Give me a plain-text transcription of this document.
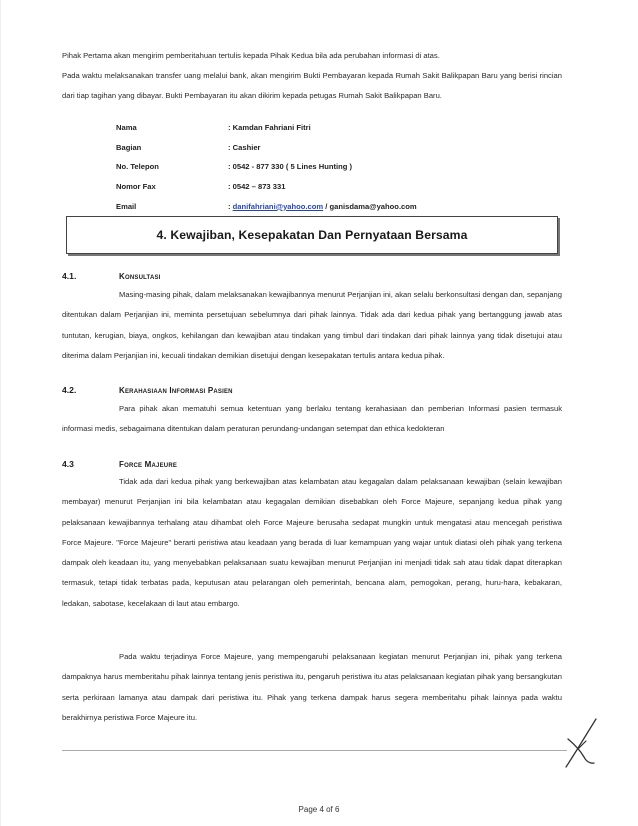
Pihak Pertama akan mengirim pemberitahuan tertulis kepada Pihak Kedua bila ada perubahan informasi di atas.

Pada waktu melaksanakan transfer uang melalui bank, akan mengirim Bukti Pembayaran kepada Rumah Sakit Balikpapan Baru yang berisi rincian dari tiap tagihan yang dibayar. Bukti Pembayaran itu akan dikirim kepada petugas Rumah Sakit Balikpapan Baru.

Nama	: Kamdan Fahriani Fitri
Bagian	: Cashier
No. Telepon	: 0542 - 877 330 ( 5 Lines Hunting )
Nomor Fax	: 0542 – 873 331
Email	: danifahriani@yahoo.com / ganisdama@yahoo.com
4. Kewajiban, Kesepakatan Dan Pernyataan Bersama
4.1.	Konsultasi

Masing-masing pihak, dalam melaksanakan kewajibannya menurut Perjanjian ini, akan selalu berkonsultasi dengan dan, sepanjang ditentukan dalam Perjanjian ini, meminta persetujuan sebelumnya dari pihak lainnya. Tidak ada dari kedua pihak yang bertanggung jawab atas tuntutan, kerugian, biaya, ongkos, kehilangan dan kewajiban atau tindakan yang timbul dari tindakan dari pihak lainnya yang tidak disetujui atau diterima dalam Perjanjian ini, kecuali tindakan demikian disetujui dengan kesepakatan tertulis antara kedua pihak.

4.2.	Kerahasiaan Informasi Pasien

Para pihak akan mematuhi semua ketentuan yang berlaku tentang kerahasiaan dan pemberian Informasi pasien termasuk informasi medis, sebagaimana ditentukan dalam peraturan perundang-undangan setempat dan ethica kedokteran

4.3	Force Majeure

Tidak ada dari kedua pihak yang berkewajiban atas kelambatan atau kegagalan dalam pelaksanaan kewajiban (selain kewajiban membayar) menurut Perjanjian ini bila kelambatan atau kegagalan demikian disebabkan oleh Force Majeure, sepanjang kedua pihak yang pelaksanaan kewajibannya terhalang atau dihambat oleh Force Majeure berusaha sedapat mungkin untuk mengatasi atau mencegah peristiwa Force Majeure. "Force Majeure" berarti peristiwa atau keadaan yang berada di luar kemampuan yang wajar untuk diatasi oleh pihak yang terkena dampak oleh keadaan itu, yang menyebabkan pelaksanaan suatu kewajiban menurut Perjanjian ini menjadi tidak sah atau tidak dapat diterapkan termasuk, tetapi tidak terbatas pada, keputusan atau pelarangan oleh pemerintah, bencana alam, pemogokan, perang, huru-hara, kebakaran, ledakan, sabotase, kecelakaan di laut atau embargo.

Pada waktu terjadinya Force Majeure, yang mempengaruhi pelaksanaan kegiatan menurut Perjanjian ini, pihak yang terkena dampaknya harus memberitahu pihak lainnya tentang jenis peristiwa itu, pengaruh peristiwa itu atas pelaksanaan kegiatan pihak yang bersangkutan serta perkiraan lamanya atau dampak dari peristiwa itu. Pihak yang terkena dampak harus segera memberitahu pihak lainnya pada waktu berakhirnya peristiwa Force Majeure itu.

Page 4 of 6
